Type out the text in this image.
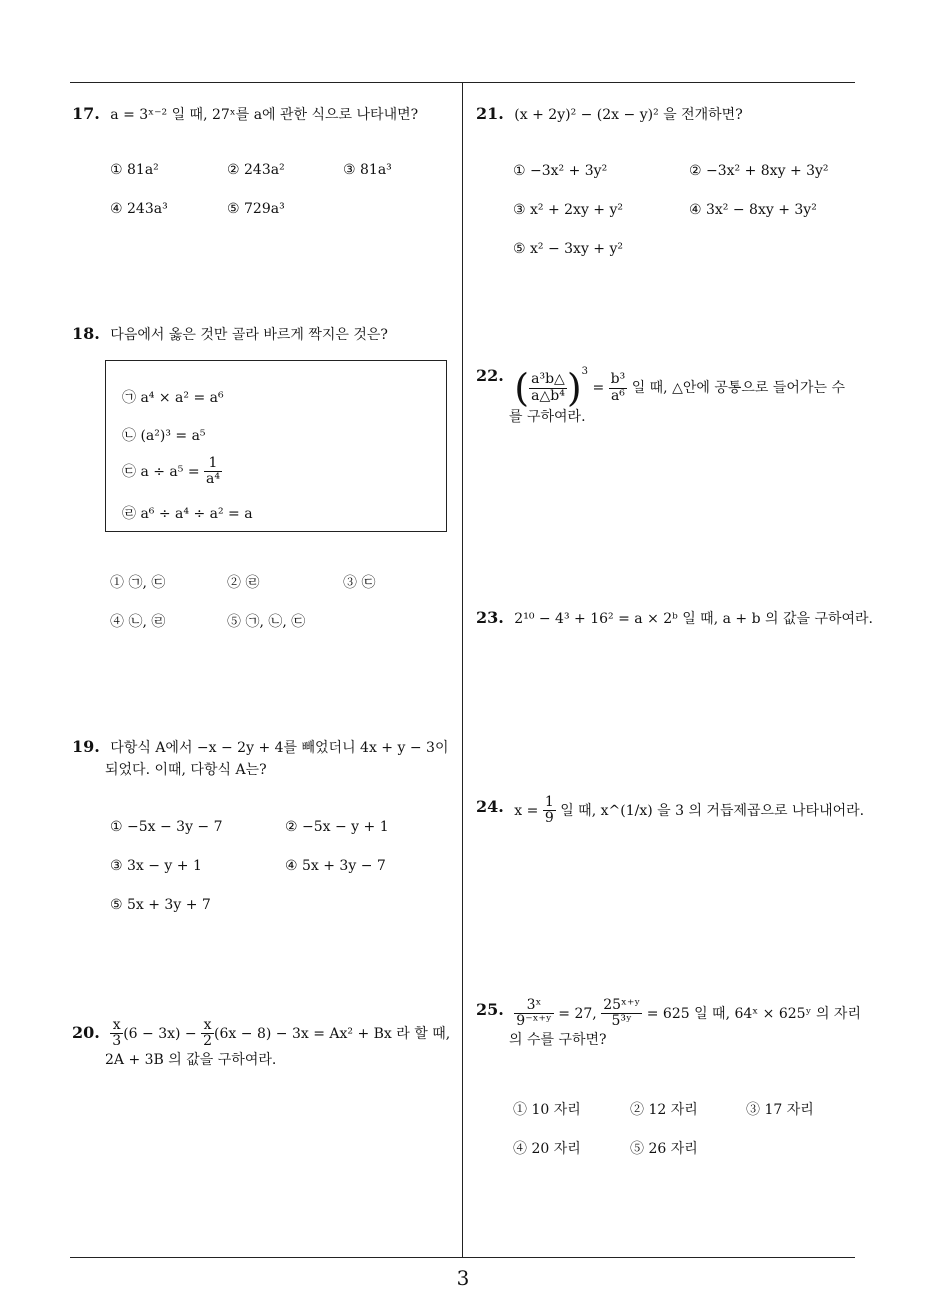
17. a = 3ˣ⁻² 일 때, 27ˣ를 a에 관한 식으로 나타내면?
① 81a²	② 243a²	③ 81a³
④ 243a³	⑤ 729a³
18. 다음에서 옳은 것만 골라 바르게 짝지은 것은?
㉠ a⁴ × a² = a⁶
㉡ (a²)³ = a⁵
㉢ $a \div a^5 = \frac{1}{\text{a⁴}}$
㉣ a⁶ ÷ a⁴ ÷ a² = a
① ㉠, ㉢	② ㉣	③ ㉢
④ ㉡, ㉣	⑤ ㉠, ㉡, ㉢
19. 다항식 A에서 −x − 2y + 4를 빼었더니 4x + y − 3이
되었다. 이때, 다항식 A는?
① −5x − 3y − 7	② −5x − y + 1
③ 3x − y + 1	④ 5x + 3y − 7
⑤ 5x + 3y + 7
20. $\frac{x}{3} (6 - 3x) - \frac{x}{2} (6x - 8) - 3x = Ax^2 + Bx$ 라 할 때,
2A + 3B 의 값을 구하여라.
21. (x + 2y)² − (2x − y)² 을 전개하면?
① −3x² + 3y²	② −3x² + 8xy + 3y²
③ x² + 2xy + y²	④ 3x² − 8xy + 3y²
⑤ x² − 3xy + y²
22. ( $\frac{\text{a³b△}}{\text{a△b⁴}} )^3 = \frac{\text{b³}}{\text{a⁶}}$ 일 때, △안에 공통으로 들어가는 수
를 구하여라.
23. 2¹⁰ − 4³ + 16² = a × 2ᵇ 일 때, a + b 의 값을 구하여라.
24. $x = \frac{1}{9}$ 일 때, x^(1/x) 을 3 의 거듭제곱으로 나타내어라.
25. $\frac{\text{3ˣ}}{\text{9⁻ˣ⁺ʸ}} = 27$, $\frac{\text{25ˣ⁺ʸ}}{\text{5³ʸ}} = 625$ 일 때, 64ˣ × 625ʸ 의 자리
의 수를 구하면?
① 10 자리	② 12 자리	③ 17 자리
④ 20 자리	⑤ 26 자리
3
